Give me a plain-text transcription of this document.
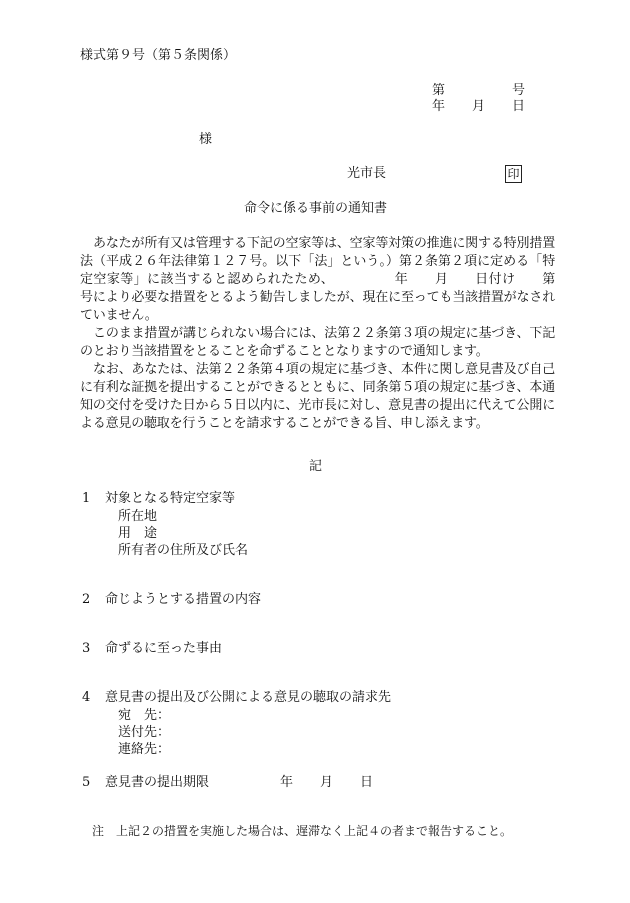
様式第９号（第５条関係）
第	号
年 月 日
様
光市長	印
命令に係る事前の通知書
あなたが所有又は管理する下記の空家等は、空家等対策の推進に関する特別措置法（平成２６年法律第１２７号。以下「法」という。）第２条第２項に定める「特定空家等」に該当すると認められたため、　　　　　年　　月　　日付け　　第　　　　号により必要な措置をとるよう勧告しましたが、現在に至っても当該措置がなされていません。
このまま措置が講じられない場合には、法第２２条第３項の規定に基づき、下記のとおり当該措置をとることを命ずることとなりますので通知します。
なお、あなたは、法第２２条第４項の規定に基づき、本件に関し意見書及び自己に有利な証拠を提出することができるとともに、同条第５項の規定に基づき、本通知の交付を受けた日から５日以内に、光市長に対し、意見書の提出に代えて公開による意見の聴取を行うことを請求することができる旨、申し添えます。
記
1 対象となる特定空家等
所在地
用　途
所有者の住所及び氏名
2 命じようとする措置の内容
3 命ずるに至った事由
4 意見書の提出及び公開による意見の聴取の請求先
宛　先：
送付先：
連絡先：
5 意見書の提出期限	年 月 日
注 上記２の措置を実施した場合は、遅滞なく上記４の者まで報告すること。
